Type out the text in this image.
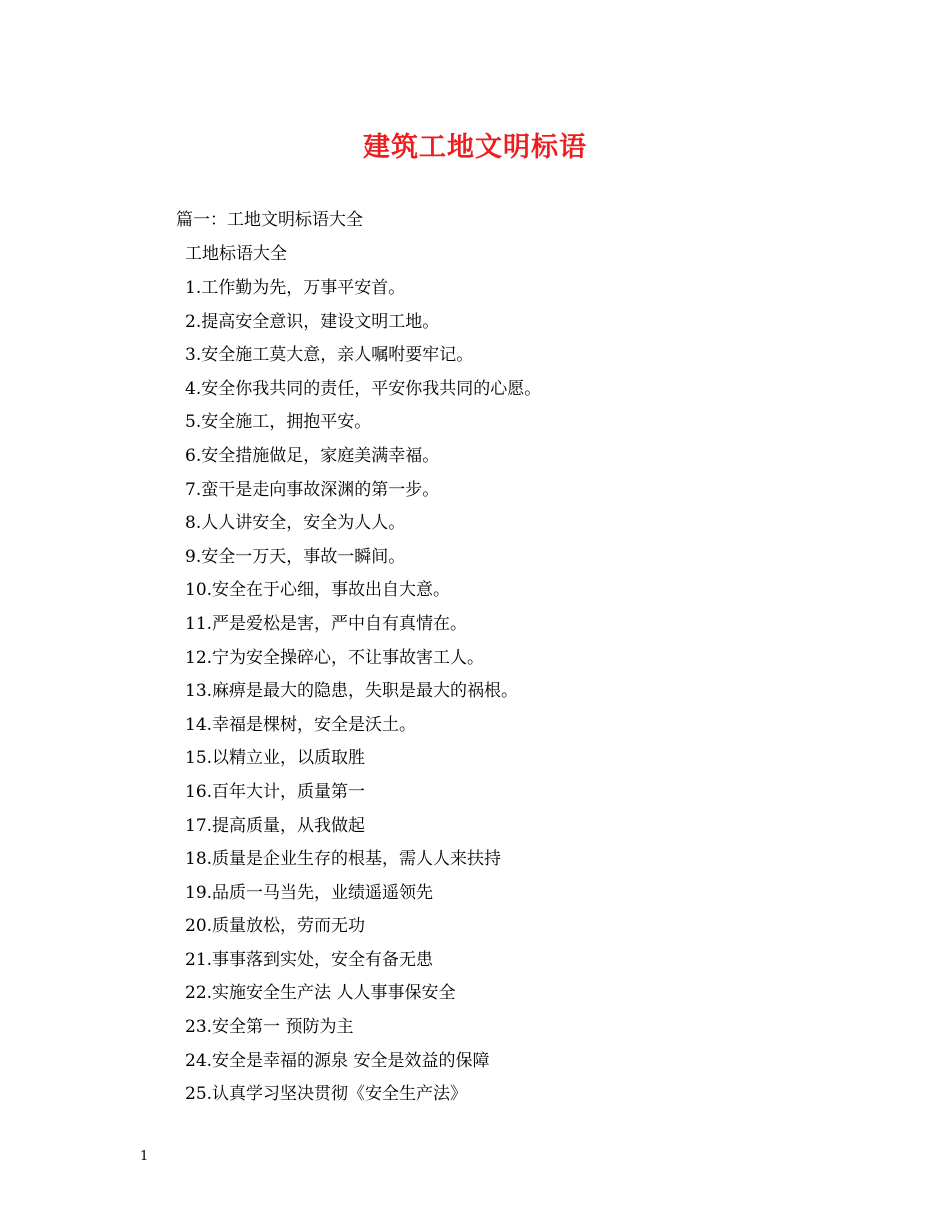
建筑工地文明标语

篇一：工地文明标语大全

工地标语大全

1.工作勤为先，万事平安首。
2.提高安全意识，建设文明工地。
3.安全施工莫大意，亲人嘱咐要牢记。
4.安全你我共同的责任，平安你我共同的心愿。
5.安全施工，拥抱平安。
6.安全措施做足，家庭美满幸福。
7.蛮干是走向事故深渊的第一步。
8.人人讲安全，安全为人人。
9.安全一万天，事故一瞬间。
10.安全在于心细，事故出自大意。
11.严是爱松是害，严中自有真情在。
12.宁为安全操碎心，不让事故害工人。
13.麻痹是最大的隐患，失职是最大的祸根。
14.幸福是棵树，安全是沃土。
15.以精立业，以质取胜
16.百年大计，质量第一
17.提高质量，从我做起
18.质量是企业生存的根基，需人人来扶持
19.品质一马当先，业绩遥遥领先
20.质量放松，劳而无功
21.事事落到实处，安全有备无患
22.实施安全生产法 人人事事保安全
23.安全第一 预防为主
24.安全是幸福的源泉 安全是效益的保障
25.认真学习坚决贯彻《安全生产法》
1
